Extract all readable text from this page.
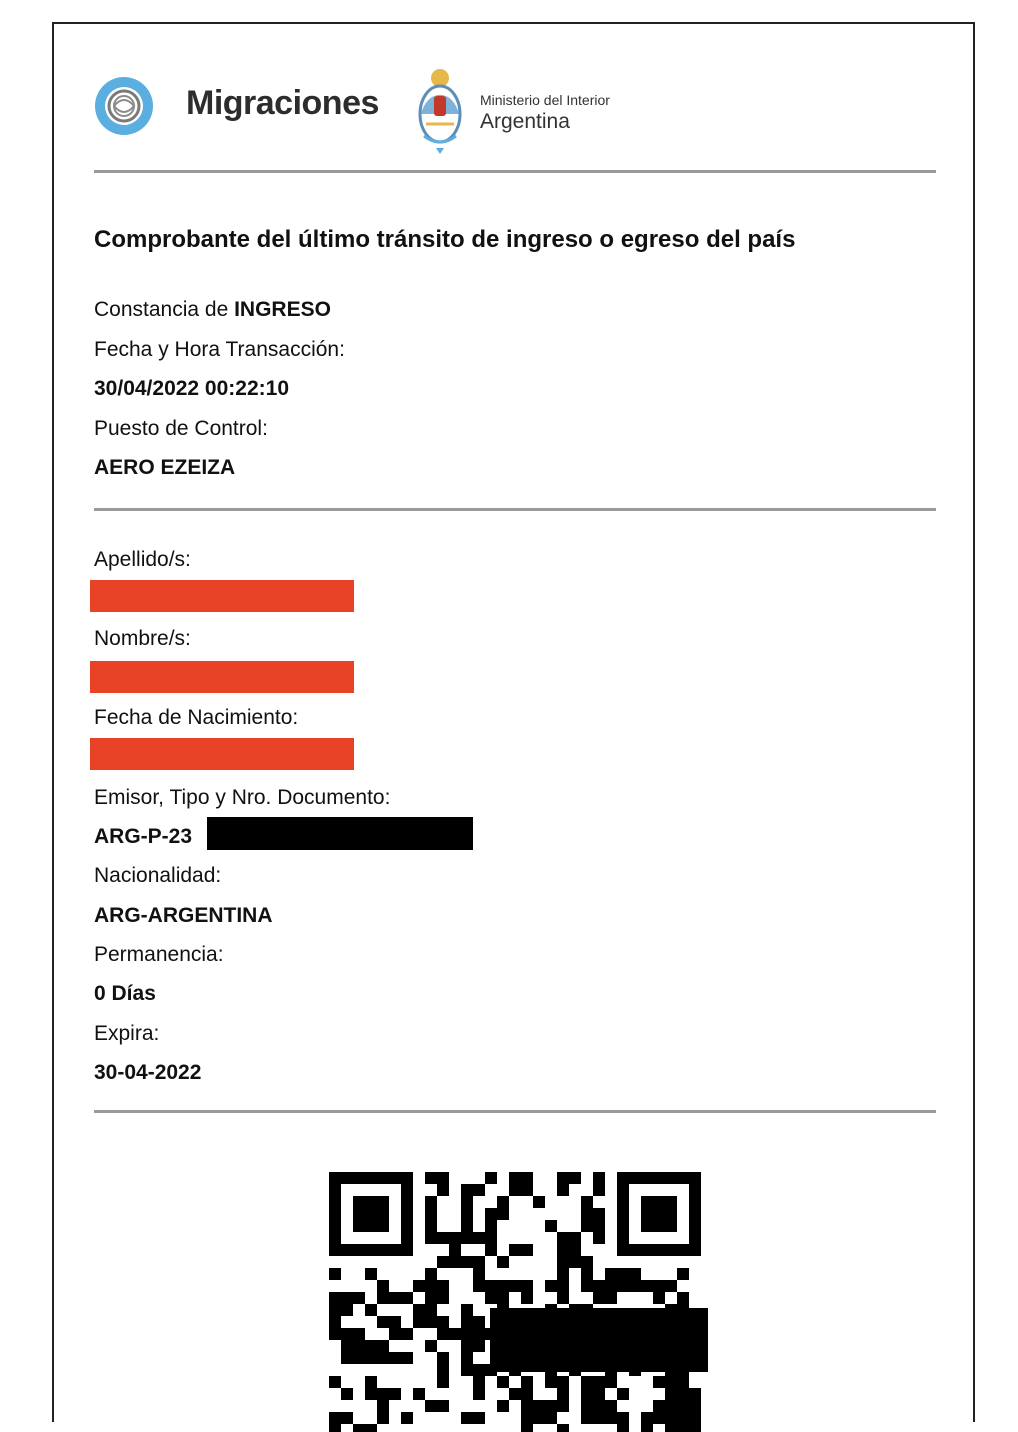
Migraciones	Ministerio del Interior
Argentina
Comprobante del último tránsito de ingreso o egreso del país
Constancia de INGRESO
Fecha y Hora Transacción:
30/04/2022 00:22:10
Puesto de Control:
AERO EZEIZA
Apellido/s:
Nombre/s:
Fecha de Nacimiento:
Emisor, Tipo y Nro. Documento:
ARG-P-23
Nacionalidad:
ARG-ARGENTINA
Permanencia:
0 Días
Expira:
30-04-2022
